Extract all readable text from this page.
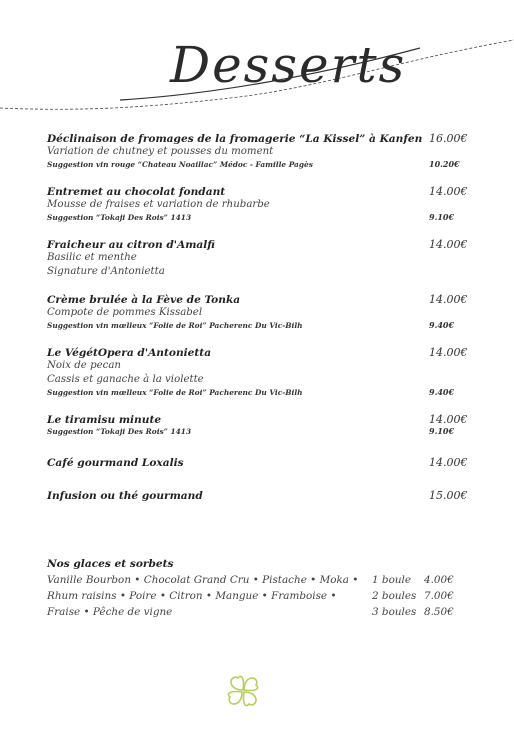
Desserts
Déclinaison de fromages de la fromagerie “La Kissel” à Kanfen 16.00€
Variation de chutney et pousses du moment
Suggestion vin rouge “Chateau Noaillac” Médoc - Famille Pagès	10.20€
Entremet au chocolat fondant	14.00€
Mousse de fraises et variation de rhubarbe
Suggestion “Tokaji Des Rois” 1413	9.10€
Fraicheur au citron d'Amalfi	14.00€
Basilic et menthe
Signature d'Antonietta
Crème brulée à la Fève de Tonka	14.00€
Compote de pommes Kissabel
Suggestion vin mœlleux “Folie de Roi” Pacherenc Du Vic-Bilh	9.40€
Le VégétOpera d'Antonietta	14.00€
Noix de pecan
Cassis et ganache à la violette
Suggestion vin mœlleux “Folie de Roi” Pacherenc Du Vic-Bilh	9.40€
Le tiramisu minute	14.00€
Suggestion “Tokaji Des Rois” 1413	9.10€
Café gourmand Loxalis	14.00€
Infusion ou thé gourmand	15.00€
Nos glaces et sorbets
Vanille Bourbon • Chocolat Grand Cru • Pistache • Moka •	1 boule	4.00€
Rhum raisins • Poire • Citron • Mangue • Framboise •	2 boules 7.00€
Fraise • Pêche de vigne	3 boules 8.50€
